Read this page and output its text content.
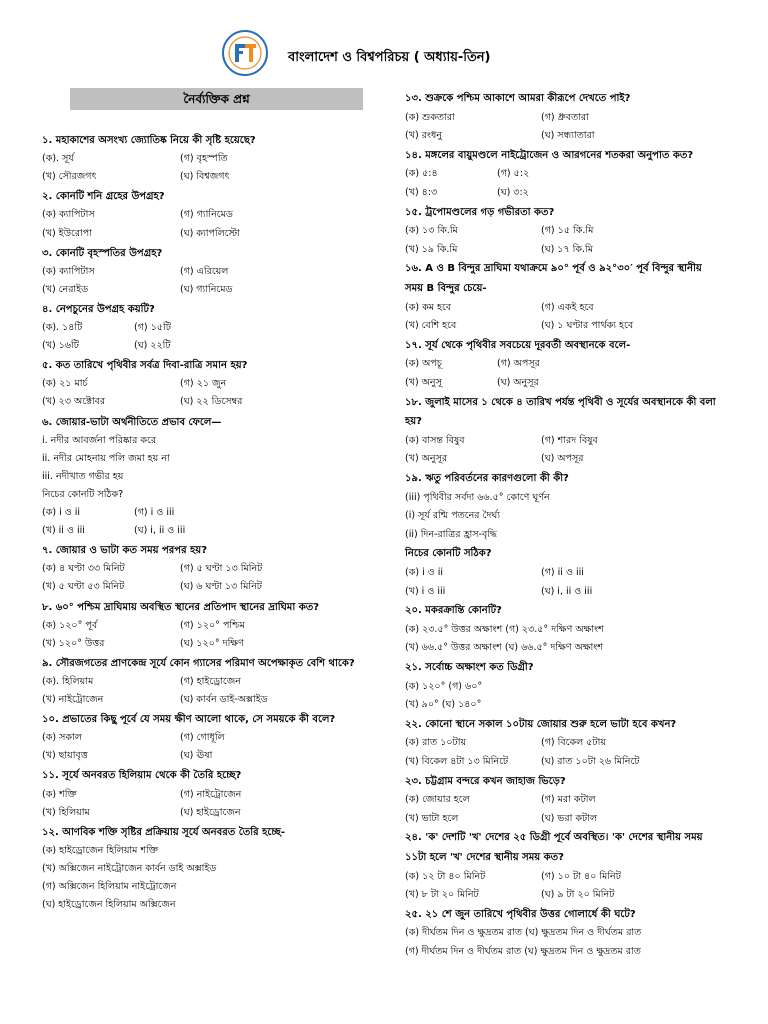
বাংলাদেশ ও বিশ্বপরিচয় ( অধ্যায়-তিন)
নৈর্ব্যক্তিক প্রশ্ন
১. মহাকাশের অসংখ্য জ্যোতিষ্ক নিয়ে কী সৃষ্টি হয়েছে?
(ক). সূর্য	(গ) বৃহস্পতি
(খ) সৌরজগৎ	(ঘ) বিশ্বজগৎ
২. কোনটি শনি গ্রহের উপগ্রহ?
(ক) ক্যাপিটাস	(গ) গ্যানিমেড
(খ) ইউরোপা	(ঘ) ক্যাপলিস্টো
৩. কোনটি বৃহস্পতির উপগ্রহ?
(ক) ক্যাপিটাস	(গ) এরিয়েল
(খ) নেরাইড	(ঘ) গ্যানিমেড
৪. নেপচুনের উপগ্রহ কয়টি?
(ক). ১৪টি	(গ) ১৫টি
(খ) ১৬টি	(ঘ) ২২টি
৫. কত তারিখে পৃথিবীর সর্বত্র দিবা-রাত্রি সমান হয়?
(ক) ২১ মার্চ	(গ) ২১ জুন
(খ) ২৩ অক্টোবর	(ঘ) ২২ ডিসেম্বর
৬. জোয়ার-ভাটা অর্থনীতিতে প্রভাব ফেলে—
i. নদীর আবর্জনা পরিষ্কার করে
ii. নদীর মোহনায় পলি জমা হয় না
iii. নদীখাত গভীর হয়
নিচের কোনটি সঠিক?
(ক) i ও ii	(গ) i ও iii
(খ) ii ও iii	(ঘ) i, ii ও iii
৭. জোয়ার ও ভাটা কত সময় পরপর হয়?
(ক) ৪ ঘণ্টা ৩৩ মিনিট	(গ) ৫ ঘণ্টা ১৩ মিনিট
(খ) ৫ ঘণ্টা ৫৩ মিনিট	(ঘ) ৬ ঘণ্টা ১৩ মিনিট
৮. ৬০° পশ্চিম দ্রাঘিমায় অবস্থিত স্থানের প্রতিপাদ স্থানের দ্রাঘিমা কত?
(ক) ১২০° পূর্ব	(গ) ১২০° পশ্চিম
(খ) ১২০° উত্তর	(ঘ) ১২০° দক্ষিণ
৯. সৌরজগতের প্রাণকেন্দ্র সূর্যে কোন গ্যাসের পরিমাণ অপেক্ষাকৃত বেশি থাকে?
(ক). হিলিয়াম	(গ) হাইড্রোজেন
(খ) নাইট্রোজেন	(ঘ) কার্বন ডাই-অক্সাইড
১০. প্রভাতের কিছু পূর্বে যে সময় ক্ষীণ আলো থাকে, সে সময়কে কী বলে?
(ক) সকাল	(গ) গোধূলি
(খ) ছায়াবৃত্ত	(ঘ) ঊষা
১১. সূর্যে অনবরত হিলিয়াম থেকে কী তৈরি হচ্ছে?
(ক) শক্তি	(গ) নাইট্রোজেন
(খ) হিলিয়াম	(ঘ) হাইড্রোজেন
১২. আণবিক শক্তি সৃষ্টির প্রক্রিয়ায় সূর্যে অনবরত তৈরি হচ্ছে-
(ক) হাইড্রোজেন হিলিয়াম শক্তি
(খ) অক্সিজেন নাইট্রোজেন কার্বন ডাই অক্সাইড
(গ) অক্সিজেন হিলিয়াম নাইট্রোজেন
(ঘ) হাইড্রোজেন হিলিয়াম অক্সিজেন
১৩. শুক্রকে পশ্চিম আকাশে আমরা কীরূপে দেখতে পাই?
(ক) শুকতারা	(গ) ধ্রুবতারা
(খ) রংধনু	(ঘ) সন্ধ্যাতারা
১৪. মঙ্গলের বায়ুমণ্ডলে নাইট্রোজেন ও আরগনের শতকরা অনুপাত কত?
(ক) ৫:৪	(গ) ৫:২
(খ) ৪:৩	(ঘ) ৩:২
১৫. ট্রপোমণ্ডলের গড় গভীরতা কত?
(ক) ১৩ কি.মি	(গ) ১৫ কি.মি
(খ) ১৯ কি.মি	(ঘ) ১৭ কি.মি
১৬. A ও B বিন্দুর দ্রাঘিমা যথাক্রমে ৯০° পূর্ব ও ৯২°৩০′ পূর্ব বিন্দুর স্থানীয়
সময় B বিন্দুর চেয়ে-
(ক) কম হবে	(গ) একই হবে
(খ) বেশি হবে	(ঘ) ১ ঘণ্টার পার্থক্য হবে
১৭. সূর্য থেকে পৃথিবীর সবচেয়ে দূরবর্তী অবস্থানকে বলে-
(ক) অপচূ	(গ) অপসূর
(খ) অনুসূ	(ঘ) অনুসূর
১৮. জুলাই মাসের ১ থেকে ৪ তারিখ পর্যন্ত পৃথিবী ও সূর্যের অবস্থানকে কী বলা
হয়?
(ক) বাসন্ত বিষুব	(গ) শারদ বিষুব
(খ) অনুসূর	(ঘ) অপসূর
১৯. ঋতু পরিবর্তনের কারণগুলো কী কী?
(iii) পৃথিবীর সর্বদা ৬৬.৫° কোণে ঘূর্ণন
(i) সূর্য রশ্মি পতনের দৈর্ঘ্য
(ii) দিন-রাত্রির হ্রাস-বৃদ্ধি
নিচের কোনটি সঠিক?
(ক) i ও ii	(গ) ii ও iii
(খ) i ও iii	(ঘ) i, ii ও iii
২০. মকরক্রান্তি কোনটি?
(ক) ২৩.৫° উত্তর অক্ষাংশ (গ) ২৩.৫° দক্ষিণ অক্ষাংশ
(খ) ৬৬.৫° উত্তর অক্ষাংশ (ঘ) ৬৬.৫° দক্ষিণ অক্ষাংশ
২১. সর্বোচ্চ অক্ষাংশ কত ডিগ্রী?
(ক) ১২০° (গ) ৬০°
(খ) ৯০° (ঘ) ১৪০°
২২. কোনো স্থানে সকাল ১০টায় জোয়ার শুরু হলে ভাটা হবে কখন?
(ক) রাত ১০টায়	(গ) বিকেল ৫টায়
(খ) বিকেল ৪টা ১৩ মিনিটে	(ঘ) রাত ১০টা ২৬ মিনিটে
২৩. চট্টগ্রাম বন্দরে কখন জাহাজ ভিড়ে?
(ক) জোয়ার হলে	(গ) মরা কটাল
(খ) ভাটা হলে	(ঘ) ভরা কটাল
২৪. 'ক' দেশটি 'খ' দেশের ২৫ ডিগ্রী পূর্বে অবস্থিত। 'ক' দেশের স্থানীয় সময়
১১টা হলে 'খ' দেশের স্থানীয় সময় কত?
(ক) ১২ টা ৪০ মিনিট	(গ) ১০ টা ৪০ মিনিট
(খ) ৮ টা ২০ মিনিট	(ঘ) ৯ টা ২০ মিনিট
২৫. ২১ শে জুন তারিখে পৃথিবীর উত্তর গোলার্ধে কী ঘটে?
(ক) দীর্ঘতম দিন ও ক্ষুদ্রতম রাত (ঘ) ক্ষুদ্রতম দিন ও দীর্ঘতম রাত
(গ) দীর্ঘতম দিন ও দীর্ঘতম রাত (ঘ) ক্ষুদ্রতম দিন ও ক্ষুদ্রতম রাত
